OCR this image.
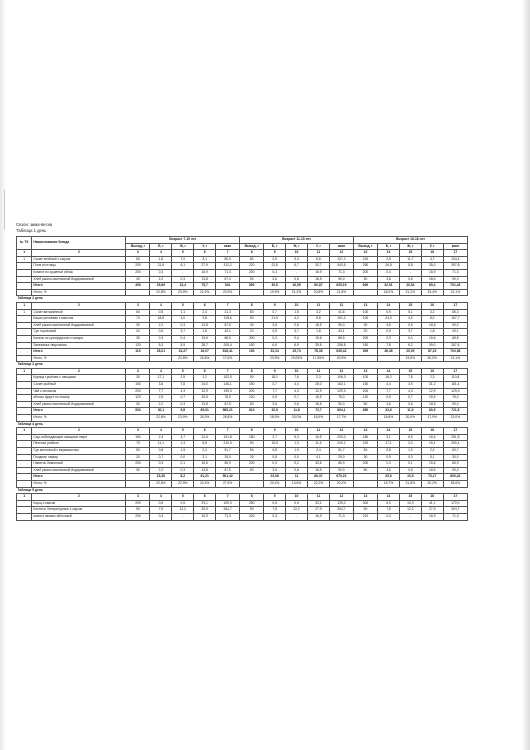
Сезон: зима-весна
Таблица 1 день
№ ТК	Наименование блюда	Возраст 7-10 лет					Возраст 11-15 лет					Возраст 16-18 лет				
		Выход, г	Б, г	Ж, г	У, г	ккал	Выход, г	Б, г	Ж, г	У, г	ккал	Выход, г	Б, г	Ж, г	У, г	ккал
1	2	3	4	5	6	7	8	9	10	11	12	13	14	15	16	17
1	Салат зелёный с сыром	60	1,6	7,0	3,1	80,0	80	2,5	9,3	6,8	107,2	100	2,8	11,7	4,7	134,4
	Плов из птицы	200	21,6	6,1	27,9	312,2	220	23,8	6,7	30,7	343,5	250	26,8	5,8	35,0	397,8
	Компот из сушеных яблок	200	0,3	-	16,9	71,3	200	0,3	-	16,9	71,3	200	0,3	-	16,9	71,3
	Хлеб ржано-пшеничный йодированный	30	2,2	0,3	13,8	67,4	50	3,6	0,6	18,5	90,0	50	3,6	0,6	18,5	90,0
	Итого	490	25,69	13,4	75,7	541	550	30,6	16,55	80,87	625,15	600	32,91	20,54	85,4	701,43
	Итого, %		22,8%	23,9%	22,2%	23,9%		19,9%	21,2%	20,8%	21,8%		18,0%	21,2%	19,4%	22,1%
Таблица 2 день																
1	2	3	4	5	6	7	8	9	10	11	12	13	14	15	16	17
1	Салат витаминный	60	0,5	1,1	2,4	21,3	80	0,7	1,5	3,2	41,6	100	0,9	5,1	4,2	66,3
	Каша гречневая с маслом	70	18,8	3,0	3,8	118,6	90	21,5	4,2	6,8	151,2	100	24,0	4,3	8,0	167,7
	Хлеб ржано-пшеничный йодированный	30	2,2	0,3	13,8	67,5	30	3,6	0,6	18,5	90,0	30	3,6	0,6	18,5	90,0
	Суп гороховый	20	0,5	3,7	1,8	43,1	20	0,5	3,7	1,8	43,1	20	0,5	3,7	1,8	43,1
	Кисель из сухофруктов и сахара	30	0,3	0,4	15,6	68,5	200	0,3	0,4	15,6	68,5	200	0,3	0,4	15,6	68,5
	Запеканка творожная	120	5,3	5,5	28,7	205,4	150	6,6	6,9	35,8	256,8	150	7,8	6,2	39,0	267,6
	Итого	115	28,01	16,27	16,07	516,41	190	32,24	15,74	78,36	635,42	509	36,48	20,09	87,19	703,08
	Итого, %			22,8%	26,5%	17,6%		23,9%	19,09%	17,55%	20,9%			19,6%	30,0%	23,1%
Таблица 3 день																
1	2	3	4	5	6	7	8	9	10	11	12	13	14	15	16	17
	Курица тушёная с овощами	30	17,1	2,5	1,2	102,5	90	18,1	7,6	2,3	106,3	100	18,2	7,8	2,3	110,8
	Салат рыбный	150	3,6	7,8	24,0	146,1	150	3,7	4,4	28,0	162,1	150	4,4	3,9	31,2	181,4
	Чай с молоком	200	7,7	4,3	12,9	199,3	200	7,7	4,3	12,9	129,3	200	7,7	4,3	12,9	129,3
	яблоко фрукт по сезону	120	2,5	0,7	15,5	76,0	120	0,5	0,7	15,5	76,0	120	0,5	0,7	15,5	76,0
	Хлеб ржано-пшеничный йодированный	30	2,2	0,3	13,8	67,5	50	3,6	0,6	18,5	90,0	50	3,6	0,6	18,5	90,0
	Итого	530	30,1	9,8	65,51	565,21	610	32,8	11,8	73,7	664,1	650	33,6	11,5	80,5	721,5
	Итого, %		22,6%	23,9%	26,3%	26,8%		18,9%	20,0%	18,9%	17,7%		18,6%	20,0%	17,9%	23,0%
Таблица 4 день																
1	2	3	4	5	6	7	8	9	10	11	12	13	14	15	16	17
	Сыр-соблюдающие овощные пюре	150	2,4	4,7	12,6	101,8	180	2,7	5,3	16,5	200,0	180	3,1	6,5	16,5	251,8
	Печенье рыбное	70	11,1	1,3	5,8	210,9	90	15,5	1,3	11,5	240,2	100	17,1	2,0	15,1	259,4
	Суп молочный с вермишелью	50	0,8	1,9	2,4	51,7	50	0,8	1,9	2,4	51,7	50	0,8	1,9	2,4	50,7
	Полдник: кефир	20	0,7	0,0	3,1	25,0	25	0,8	0,0	4,1	29,0	30	0,9	0,0	5,1	30,0
	Напиток Лимонный	200	0,3	0,1	15,6	65,9	200	0,3	0,1	33,6	65,9	200	0,3	0,1	15,6	65,9
	Хлеб ржано-пшеничный йодированный	30	2,2	0,3	13,8	67,5	50	3,6	0,6	18,5	90,0	50	3,6	0,6	18,5	90,0
	Итого		15,26	8,2	61,21	501,42		23,06	11	66,37	670,22		25,6	10,9	73,17	800,42
	Итого, %		22,6%	22,9%	20,4%	27,6%		20,4%	13,6%	22,2%	20,2%		16,7%	21,8%	20,2%	28,6%
Таблица 5 день																
1	2	3	4	5	6	7	8	9	10	11	12	13	14	15	16	17
	Борщ с мясом	200	0,5	0,5	23,1	109,0	250	0,6	0,5	33,1	125,0	300	6,0	10,3	41,1	170,0
	Котлеты Литературные с сыром	50	7,5	12,2	25,9	264,7	90	7,5	12,2	27,9	304,7	90	7,5	12,2	27,9	304,7
	компот свежих яблочный	200	0,3	-	16,9	71,3	200	0,3	-	16,9	71,3	210	0,3	-	16,9	71,3
